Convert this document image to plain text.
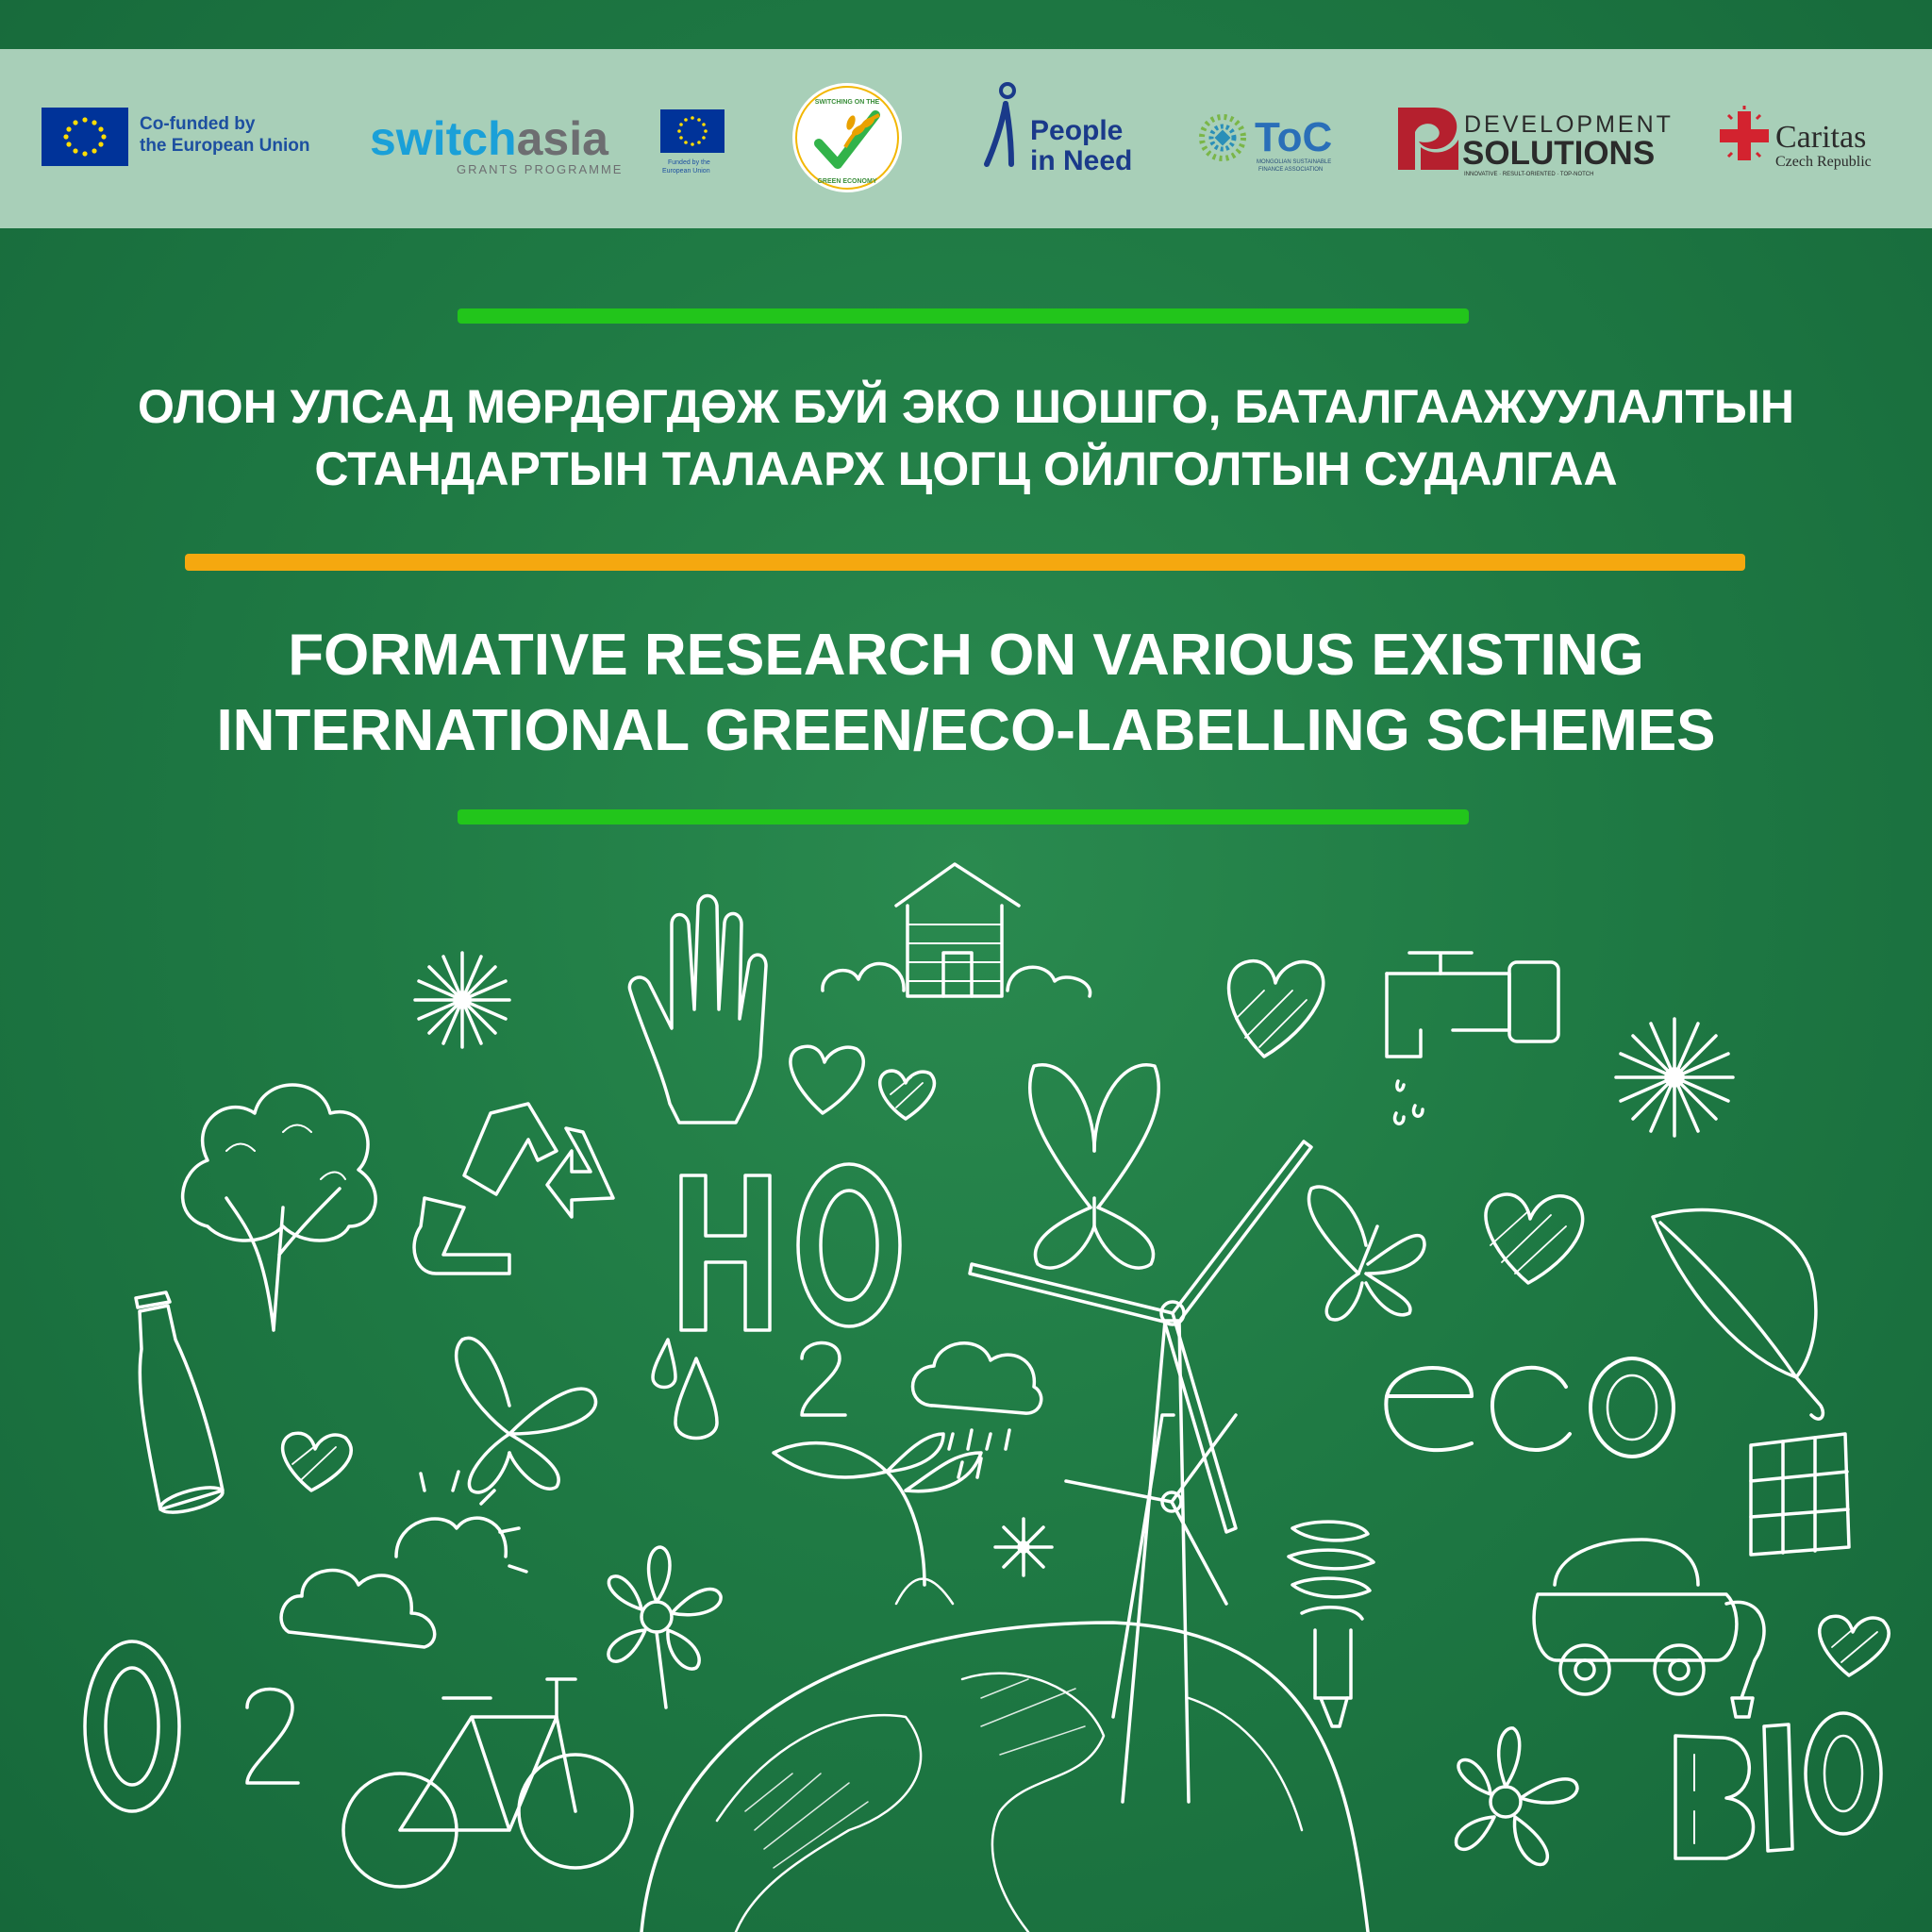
Co-funded by
the European Union switchasia
GRANTS PROGRAMME	Funded by the
European Union
SWITCHING ON THE
GREEN ECONOMY
People
in Need
ToC
MONGOLIAN SUSTAINABLE
FINANCE ASSOCIATION
DEVELOPMENT
SOLUTIONS
INNOVATIVE · RESULT-ORIENTED · TOP-NOTCH
Caritas
Czech Republic
ОЛОН УЛСАД МӨРДӨГДӨЖ БУЙ ЭКО ШОШГО, БАТАЛГААЖУУЛАЛТЫН
СТАНДАРТЫН ТАЛААРХ ЦОГЦ ОЙЛГОЛТЫН СУДАЛГАА
FORMATIVE RESEARCH ON VARIOUS EXISTING
INTERNATIONAL GREEN/ECO-LABELLING SCHEMES
